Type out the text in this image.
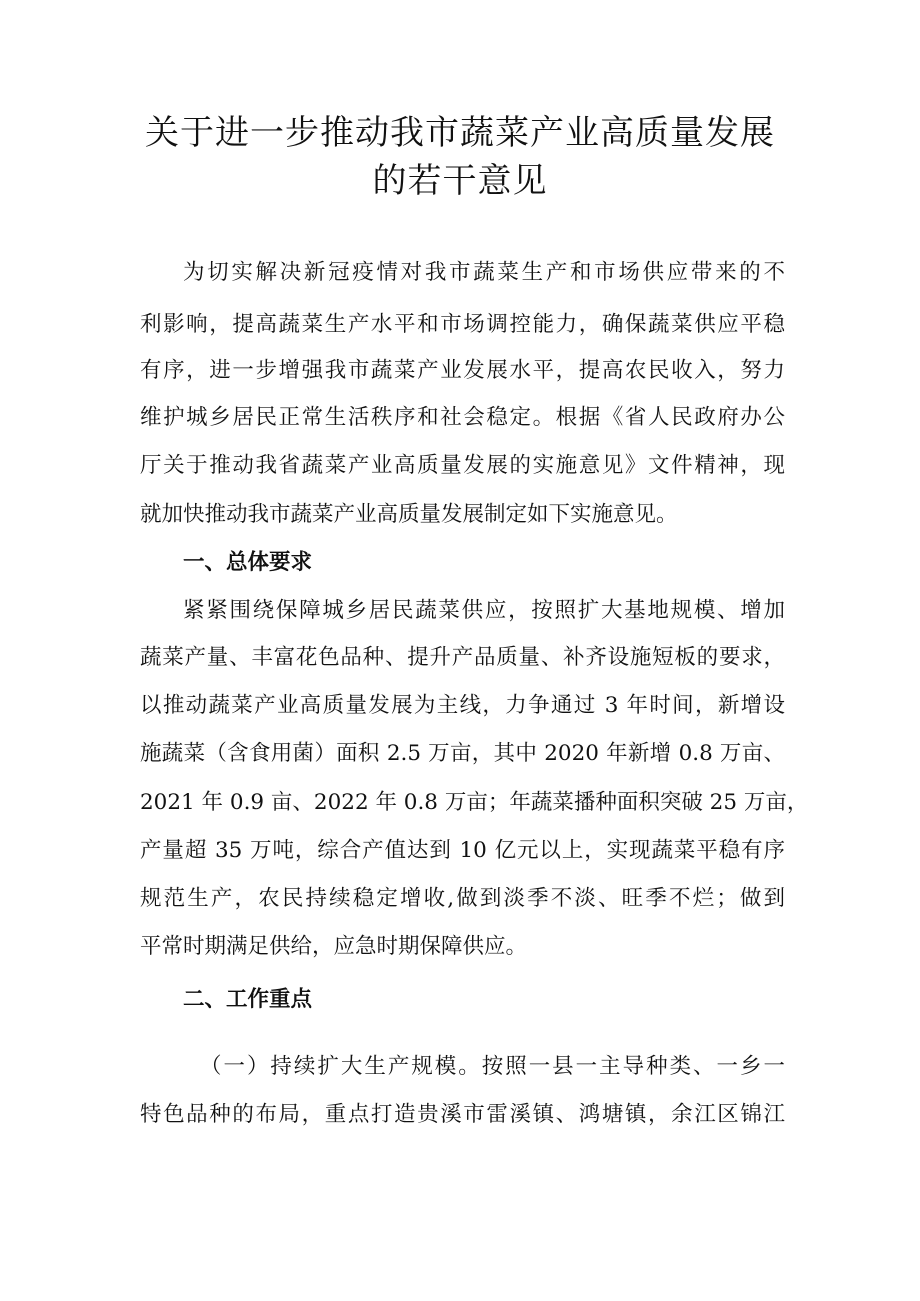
关于进一步推动我市蔬菜产业高质量发展
的若干意见

为切实解决新冠疫情对我市蔬菜生产和市场供应带来的不

利影响，提高蔬菜生产水平和市场调控能力，确保蔬菜供应平稳

有序，进一步增强我市蔬菜产业发展水平，提高农民收入，努力

维护城乡居民正常生活秩序和社会稳定。根据《省人民政府办公

厅关于推动我省蔬菜产业高质量发展的实施意见》文件精神，现

就加快推动我市蔬菜产业高质量发展制定如下实施意见。

一、总体要求

紧紧围绕保障城乡居民蔬菜供应，按照扩大基地规模、增加

蔬菜产量、丰富花色品种、提升产品质量、补齐设施短板的要求，

以推动蔬菜产业高质量发展为主线，力争通过 3 年时间，新增设

施蔬菜（含食用菌）面积 2.5 万亩，其中 2020 年新增 0.8 万亩、

2021 年 0.9 亩、2022 年 0.8 万亩；年蔬菜播种面积突破 25 万亩，

产量超 35 万吨，综合产值达到 10 亿元以上，实现蔬菜平稳有序

规范生产，农民持续稳定增收,做到淡季不淡、旺季不烂；做到

平常时期满足供给，应急时期保障供应。

二、工作重点

（一）持续扩大生产规模。按照一县一主导种类、一乡一

特色品种的布局，重点打造贵溪市雷溪镇、鸿塘镇，余江区锦江
